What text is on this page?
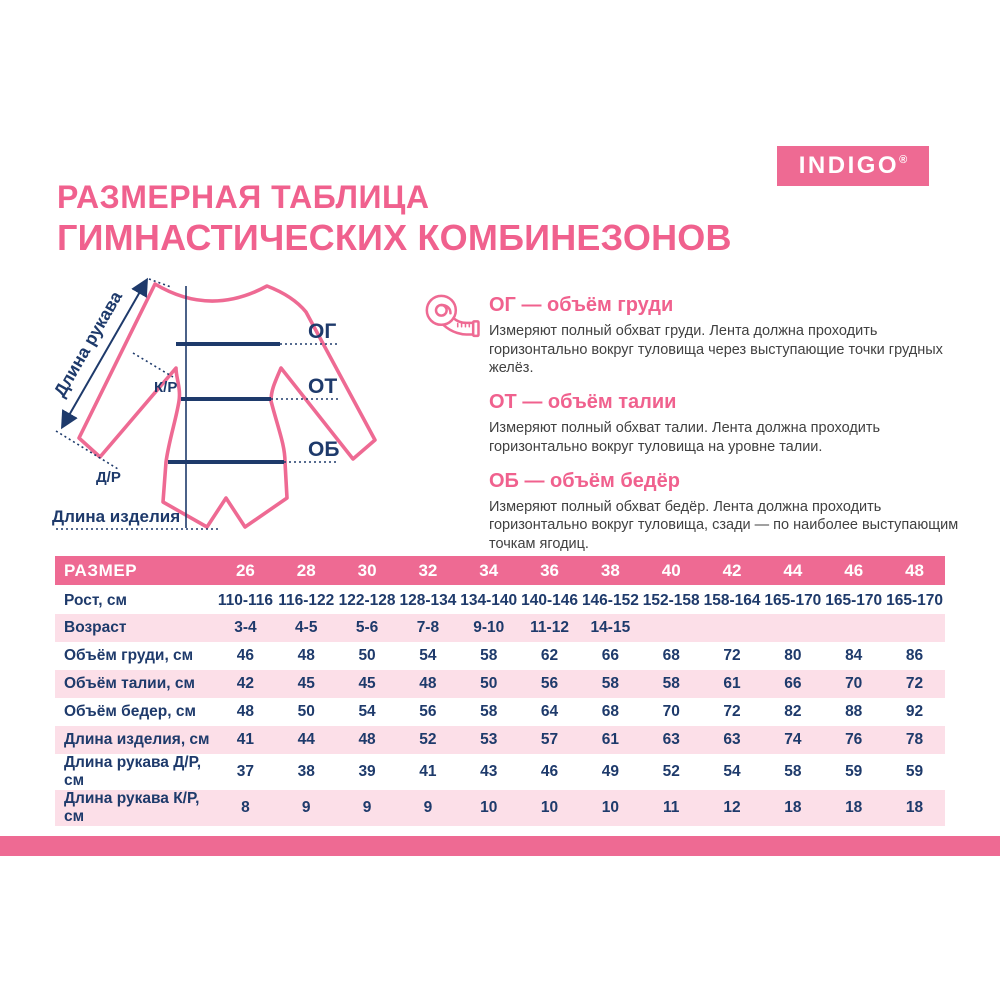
INDIGO ®
РАЗМЕРНАЯ ТАБЛИЦА
ГИМНАСТИЧЕСКИХ КОМБИНЕЗОНОВ
Длина рукава	ОГ
ОТ
ОБ
К/Р
Д/Р
Длина изделия
ОГ — объём груди

Измеряют полный обхват груди. Лента должна проходить горизонтально вокруг туловища через выступающие точки грудных желёз.

ОТ — объём талии

Измеряют полный обхват талии. Лента должна проходить горизонтально вокруг туловища на уровне талии.

ОБ — объём бедёр

Измеряют полный обхват бедёр. Лента должна проходить горизонтально вокруг туловища, сзади — по наиболее выступающим точкам ягодиц.

РАЗМЕР	26	28	30	32	34	36	38	40	42	44	46	48
Рост, см	110-116	116-122	122-128	128-134	134-140	140-146	146-152	152-158	158-164	165-170	165-170	165-170
Возраст	3-4	4-5	5-6	7-8	9-10	11-12	14-15					
Объём груди, см	46	48	50	54	58	62	66	68	72	80	84	86
Объём талии, см	42	45	45	48	50	56	58	58	61	66	70	72
Объём бедер, см	48	50	54	56	58	64	68	70	72	82	88	92
Длина изделия, см	41	44	48	52	53	57	61	63	63	74	76	78
Длина рукава Д/Р, см	37	38	39	41	43	46	49	52	54	58	59	59
Длина рукава К/Р, см	8	9	9	9	10	10	10	11	12	18	18	18
